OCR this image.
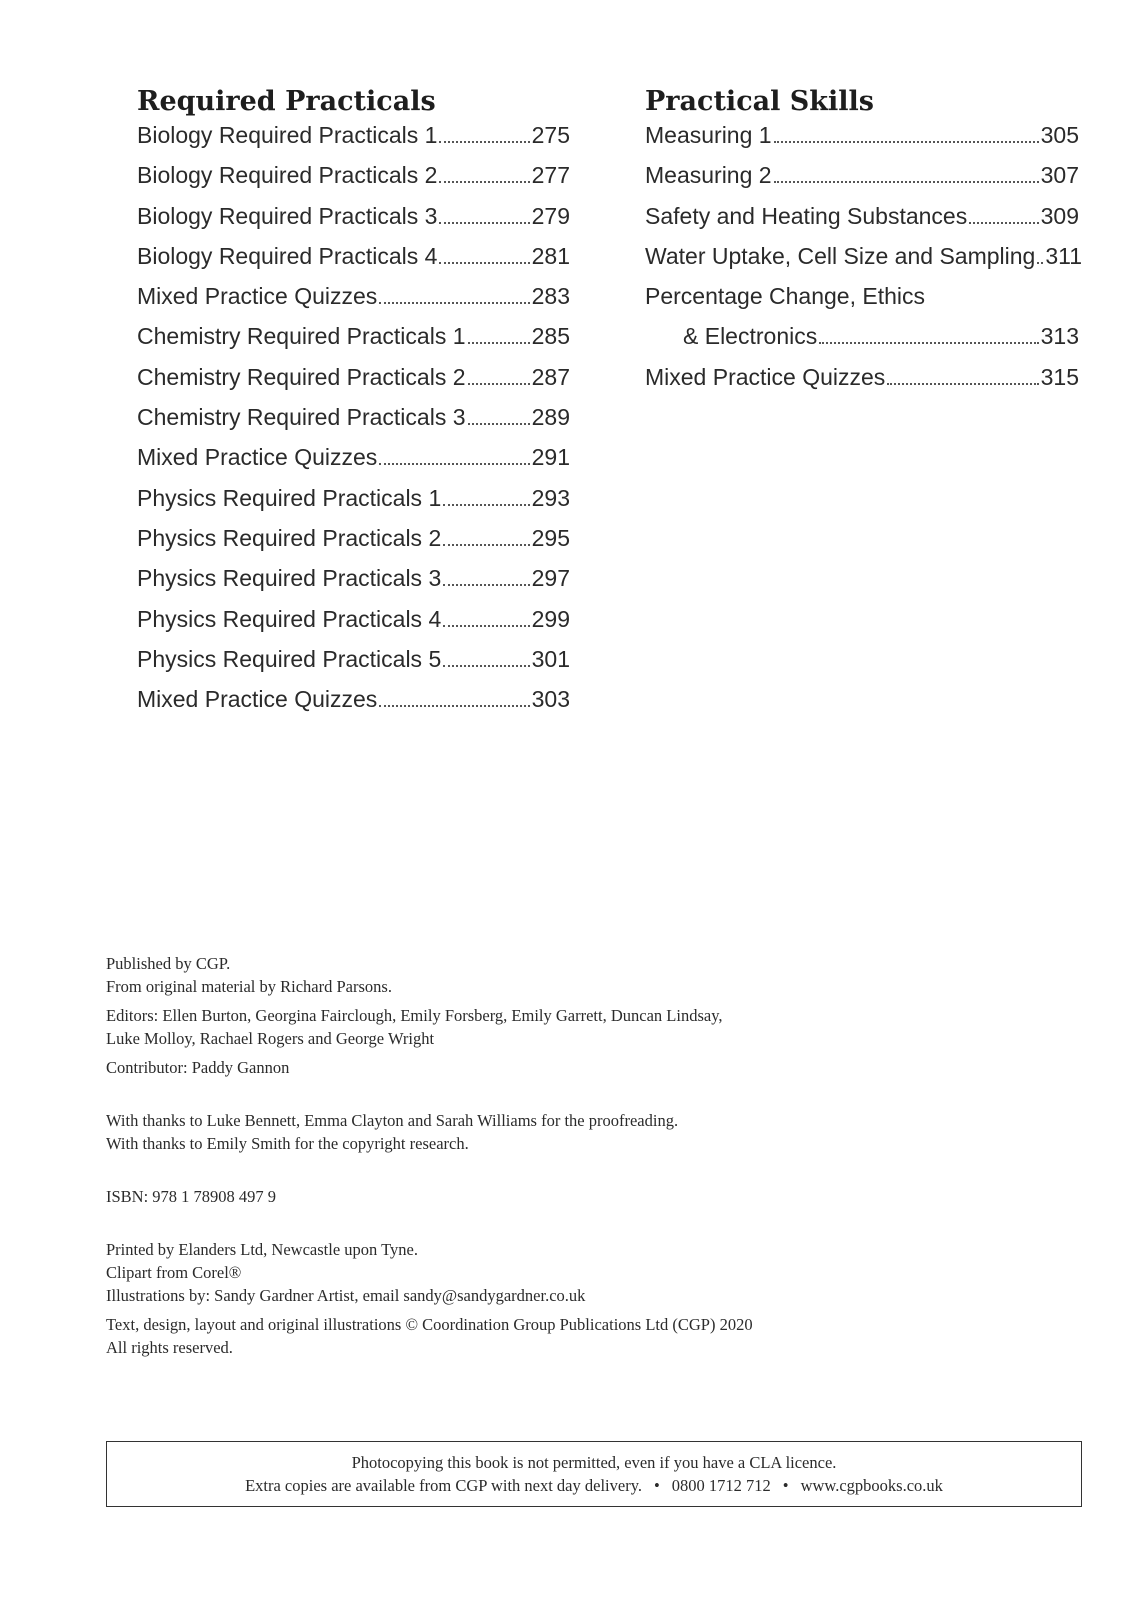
Required Practicals
Biology Required Practicals 1	275
Biology Required Practicals 2	277
Biology Required Practicals 3	279
Biology Required Practicals 4	281
Mixed Practice Quizzes	283
Chemistry Required Practicals 1	285
Chemistry Required Practicals 2	287
Chemistry Required Practicals 3	289
Mixed Practice Quizzes	291
Physics Required Practicals 1	293
Physics Required Practicals 2	295
Physics Required Practicals 3	297
Physics Required Practicals 4	299
Physics Required Practicals 5	301
Mixed Practice Quizzes	303
Practical Skills
Measuring 1	305
Measuring 2	307
Safety and Heating Substances	309
Water Uptake, Cell Size and Sampling 311
Percentage Change, Ethics
& Electronics	313
Mixed Practice Quizzes	315

Published by CGP.

From original material by Richard Parsons.

Editors: Ellen Burton, Georgina Fairclough, Emily Forsberg, Emily Garrett, Duncan Lindsay,

Luke Molloy, Rachael Rogers and George Wright

Contributor: Paddy Gannon

With thanks to Luke Bennett, Emma Clayton and Sarah Williams for the proofreading.

With thanks to Emily Smith for the copyright research.

ISBN: 978 1 78908 497 9

Printed by Elanders Ltd, Newcastle upon Tyne.

Clipart from Corel®

Illustrations by: Sandy Gardner Artist, email sandy@sandygardner.co.uk

Text, design, layout and original illustrations © Coordination Group Publications Ltd (CGP) 2020

All rights reserved.

Photocopying this book is not permitted, even if you have a CLA licence.

Extra copies are available from CGP with next day delivery. • 0800 1712 712 • www.cgpbooks.co.uk
